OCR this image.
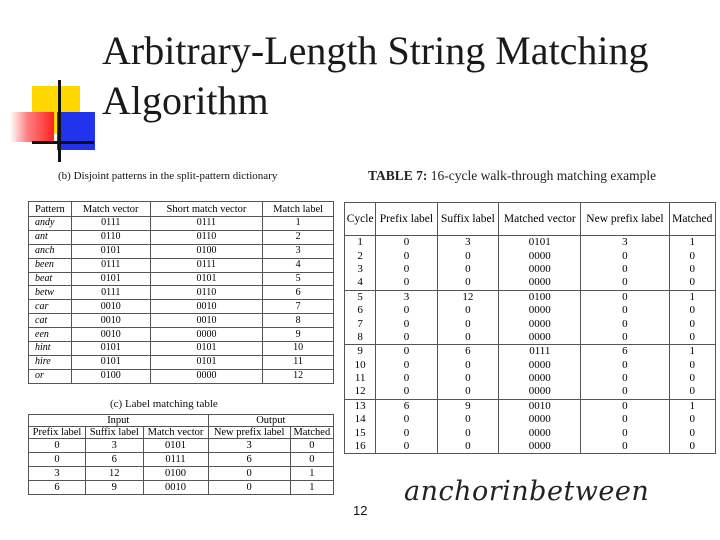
Arbitrary-Length String Matching
Algorithm
(b) Disjoint patterns in the split-pattern dictionary
Pattern	Match vector	Short match vector	Match label
andy	0111	0111	1
ant	0110	0110	2
anch	0101	0100	3
been	0111	0111	4
beat	0101	0101	5
betw	0111	0110	6
car	0010	0010	7
cat	0010	0010	8
een	0010	0000	9
hint	0101	0101	10
hire	0101	0101	11
or	0100	0000	12
(c) Label matching table
Input			Output	
Prefix label	Suffix label	Match vector	New prefix label	Matched
0	3	0101	3	0
0	6	0111	6	0
3	12	0100	0	1
6	9	0010	0	1
TABLE 7: 16-cycle walk-through matching example
Cycle	Prefix label	Suffix label	Matched vector	New prefix label	Matched
1	0	3	0101	3	1
2	0	0	0000	0	0
3	0	0	0000	0	0
4	0	0	0000	0	0
5	3	12	0100	0	1
6	0	0	0000	0	0
7	0	0	0000	0	0
8	0	0	0000	0	0
9	0	6	0111	6	1
10	0	0	0000	0	0
11	0	0	0000	0	0
12	0	0	0000	0	0
13	6	9	0010	0	1
14	0	0	0000	0	0
15	0	0	0000	0	0
16	0	0	0000	0	0
anchorinbetween
12
